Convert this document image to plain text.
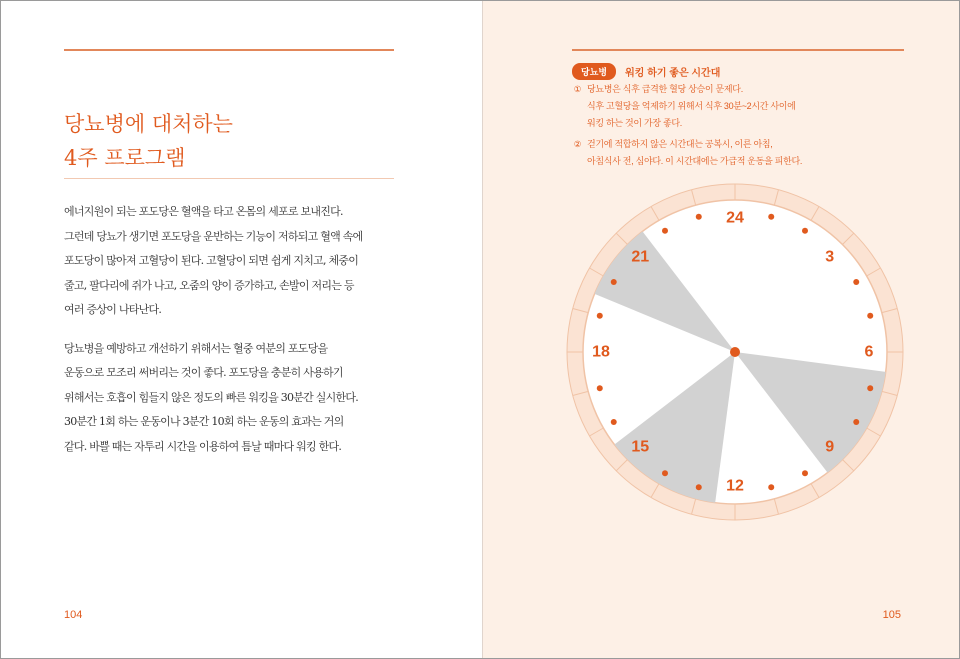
당뇨병에 대처하는
4주 프로그램
에너지원이 되는 포도당은 혈액을 타고 온몸의 세포로 보내진다.
그런데 당뇨가 생기면 포도당을 운반하는 기능이 저하되고 혈액 속에
포도당이 많아져 고혈당이 된다. 고혈당이 되면 쉽게 지치고, 체중이
줄고, 팔다리에 쥐가 나고, 오줌의 양이 증가하고, 손발이 저리는 등
여러 증상이 나타난다.
당뇨병을 예방하고 개선하기 위해서는 혈중 여분의 포도당을
운동으로 모조리 써버리는 것이 좋다. 포도당을 충분히 사용하기
위해서는 호흡이 힘들지 않은 정도의 빠른 워킹을 30분간 실시한다.
30분간 1회 하는 운동이나 3분간 10회 하는 운동의 효과는 거의
같다. 바쁠 때는 자투리 시간을 이용하여 틈날 때마다 워킹 한다.
104
당뇨병	워킹 하기 좋은 시간대
① 당뇨병은 식후 급격한 혈당 상승이 문제다.
식후 고혈당을 억제하기 위해서 식후 30분~2시간 사이에
워킹 하는 것이 가장 좋다.
② 걷기에 적합하지 않은 시간대는 공복시, 이른 아침,
아침식사 전, 심야다. 이 시간대에는 가급적 운동을 피한다.
105
24
3
6
9
12
15
18
21
